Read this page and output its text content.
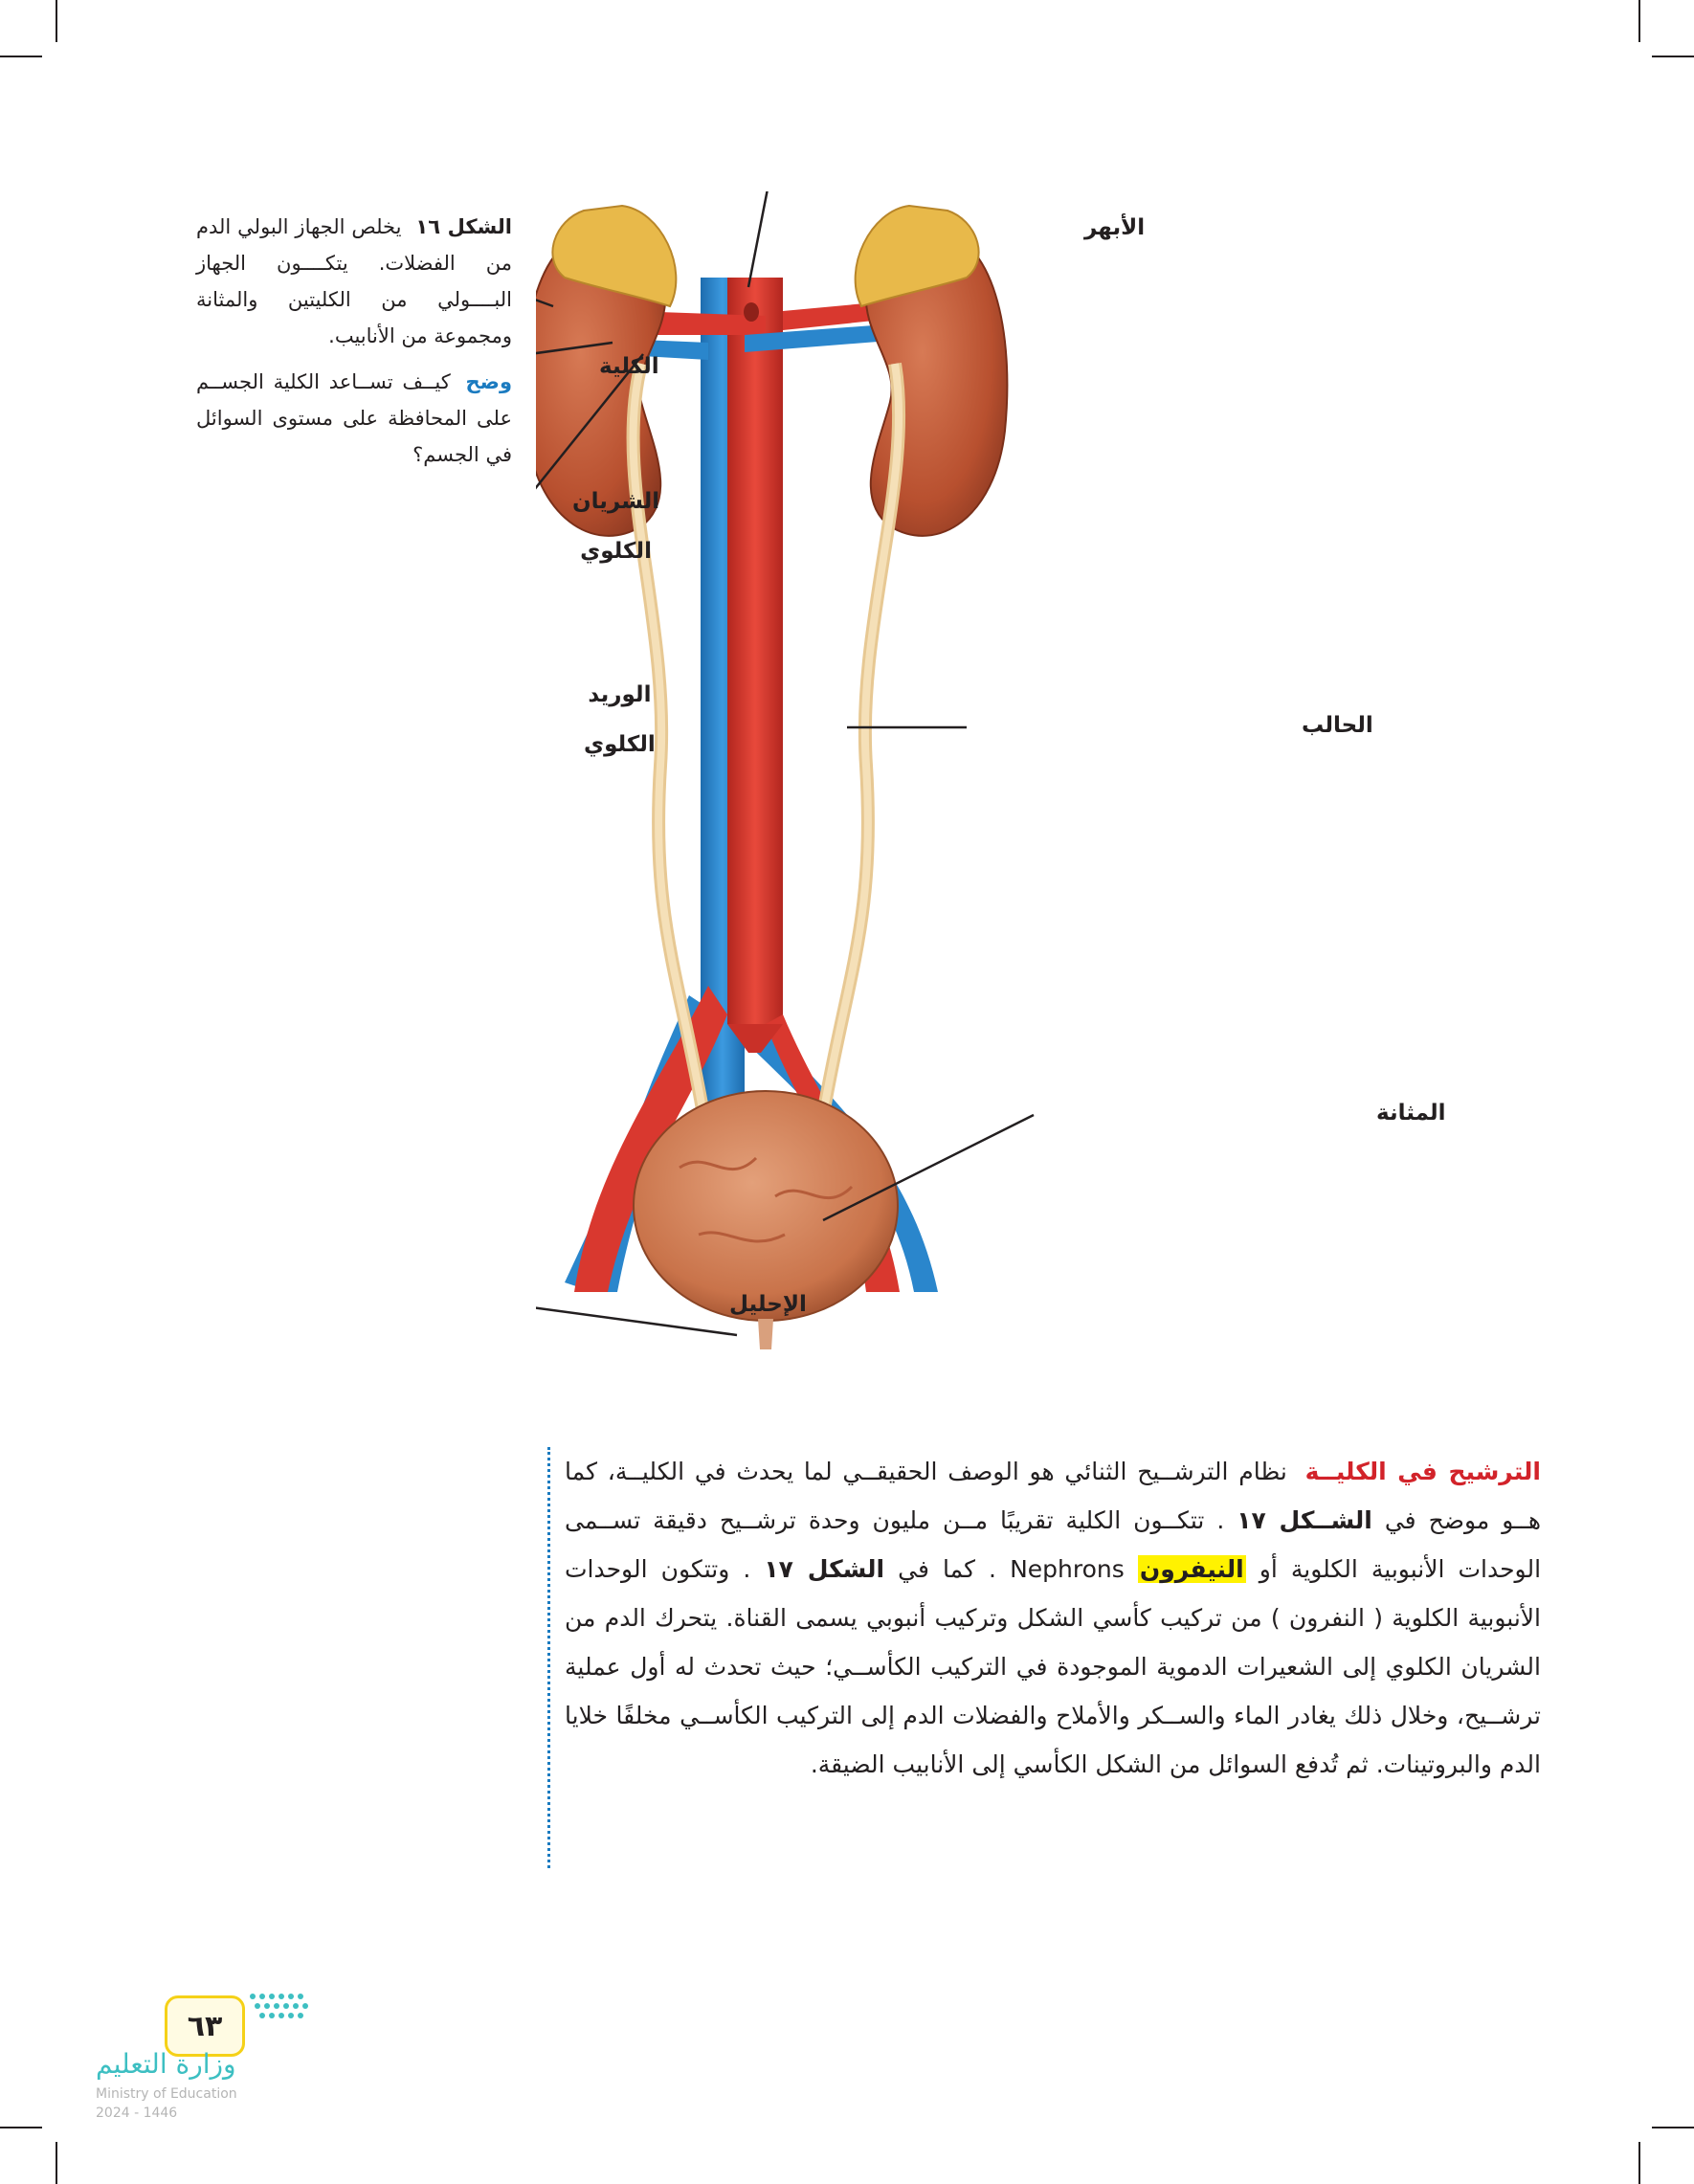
الأبهر
الكلية
الشريان
الكلوي
الوريد
الكلوي
الحالب
المثانة
الإحليل
الشكل ١٦ يخلص الجهاز البولي الدم من الفضلات. يتكــــون الجهاز البــــولي من الكليتين والمثانة ومجموعة من الأنابيب.
وضح كيــف تســاعد الكلية الجســم على المحافظة على مستوى السوائل في الجسم؟
الترشيح في الكليــة نظام الترشــيح الثنائي هو الوصف الحقيقــي لما يحدث في الكليــة، كما هــو موضح في الشــكل ١٧ . تتكــون الكلية تقريبًا مــن مليون وحدة ترشــيح دقيقة تســمى الوحدات الأنبوبية الكلوية أو النيفرون Nephrons . كما في الشكل ١٧ . وتتكون الوحدات الأنبوبية الكلوية ( النفرون ) من تركيب كأسي الشكل وتركيب أنبوبي يسمى القناة. يتحرك الدم من الشريان الكلوي إلى الشعيرات الدموية الموجودة في التركيب الكأســي؛ حيث تحدث له أول عملية ترشــيح، وخلال ذلك يغادر الماء والســكر والأملاح والفضلات الدم إلى التركيب الكأســي مخلفًا خلايا الدم والبروتينات. ثم تُدفع السوائل من الشكل الكأسي إلى الأنابيب الضيقة.
٦٣
وزارة التعليم
Ministry of Education
2024 - 1446
